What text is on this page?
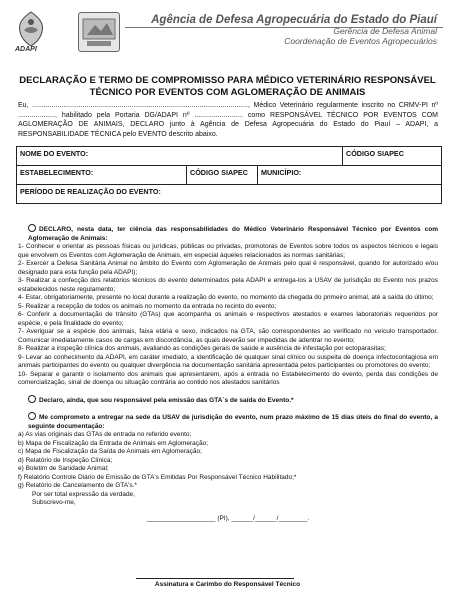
ADAPI
Agência de Defesa Agropecuária do Estado do Piauí
Gerência de Defesa Animal
Coordenação de Eventos Agropecuários
DECLARAÇÃO E TERMO DE COMPROMISSO PARA MÉDICO VETERINÁRIO RESPONSÁVEL
TÉCNICO POR EVENTOS COM AGLOMERAÇÃO DE ANIMAIS
Eu, ..............................................................................................................., Médico Veterinário regularmente inscrito no CRMV-PI nº ..................., habilitado pela Portaria DG/ADAPI nº ......................... como RESPONSÁVEL TÉCNICO POR EVENTOS COM AGLOMERAÇÃO DE ANIMAIS, DECLARO junto à Agência de Defesa Agropecuária do Estado do Piauí – ADAPI, a RESPONSABILIDADE TÉCNICA pelo EVENTO descrito abaixo.
NOME DO EVENTO:	CÓDIGO SIAPEC
ESTABELECIMENTO:	CÓDIGO SIAPEC	MUNICÍPIO:
PERÍODO DE REALIZAÇÃO DO EVENTO:

DECLARO, nesta data, ter ciência das responsabilidades do Médico Veterinário Responsável Técnico por Eventos com Aglomeração de Animais:

1- Conhecer e orientar as pessoas físicas ou jurídicas, públicas ou privadas, promotoras de Eventos sobre todos os aspectos técnicos e legais que envolvem os Eventos com Aglomeração de Animais, em especial àqueles relacionados as normas sanitárias;

2- Exercer a Defesa Sanitária Animal no âmbito do Evento com Aglomeração de Animais pelo qual é responsável, quando for autorizado e/ou designado para esta função pela ADAPI);

3- Realizar a confecção dos relatórios técnicos do evento determinados pela ADAPI e entrega-los à USAV de jurisdição do Evento nos prazos estabelecidos neste regulamento;

4- Estar, obrigatoriamente, presente no local durante a realização do evento, no momento da chegada do primeiro animal, até a saída do último;

5- Realizar a recepção de todos os animais no momento da entrada no recinto do evento;

6- Conferir a documentação de trânsito (GTAs) que acompanha os animais e respectivos atestados e exames laboratoriais requeridos por espécie, e pela finalidade do evento;

7- Averiguar se a espécie dos animais, faixa etária e sexo, indicados na GTA, são correspondentes ao verificado no veículo transportador. Comunicar imediatamente casos de cargas em discordância, as quais deverão ser impedidas de adentrar no evento;

8- Realizar a inspeção clínica dos animais, avaliando as condições gerais de saúde e ausência de infestação por ectoparasitas;

9- Levar ao conhecimento da ADAPI, em caráter imediato, a identificação de qualquer sinal clínico ou suspeita de doença infectocontagiosa em animais participantes do evento ou qualquer divergência na documentação sanitária apresentada pelos participantes ou promotores do evento;

10- Separar e garantir o isolamento dos animais que apresentarem, após a entrada no Estabelecimento do evento, perda das condições de comercialização, sinal de doença ou situação contrária ao contido nos atestados sanitários

Declaro, ainda, que sou responsável pela emissão das GTA´s de saída do Evento.*

Me comprometo a entregar na sede da USAV de jurisdição do evento, num prazo máximo de 15 dias úteis do final do evento, a seguinte documentação:

a) As vias originais das GTAs de entrada no referido evento;

b) Mapa de Fiscalização da Entrada de Animais em Aglomeração;

c) Mapa de Fiscalização da Saída de Animais em Aglomeração;

d) Relatório de Inspeção Clínica;

e) Boletim de Sanidade Animal;

f) Relatório Controle Diário de Emissão de GTA's Emitidas Por Responsável Técnico Habilitado;*

g) Relatório de Cancelamento de GTA's.*

Por ser total expressão da verdade,

Subscrevo-me,

___________________ (PI), ______/______/________.

Assinatura e Carimbo do Responsável Técnico
